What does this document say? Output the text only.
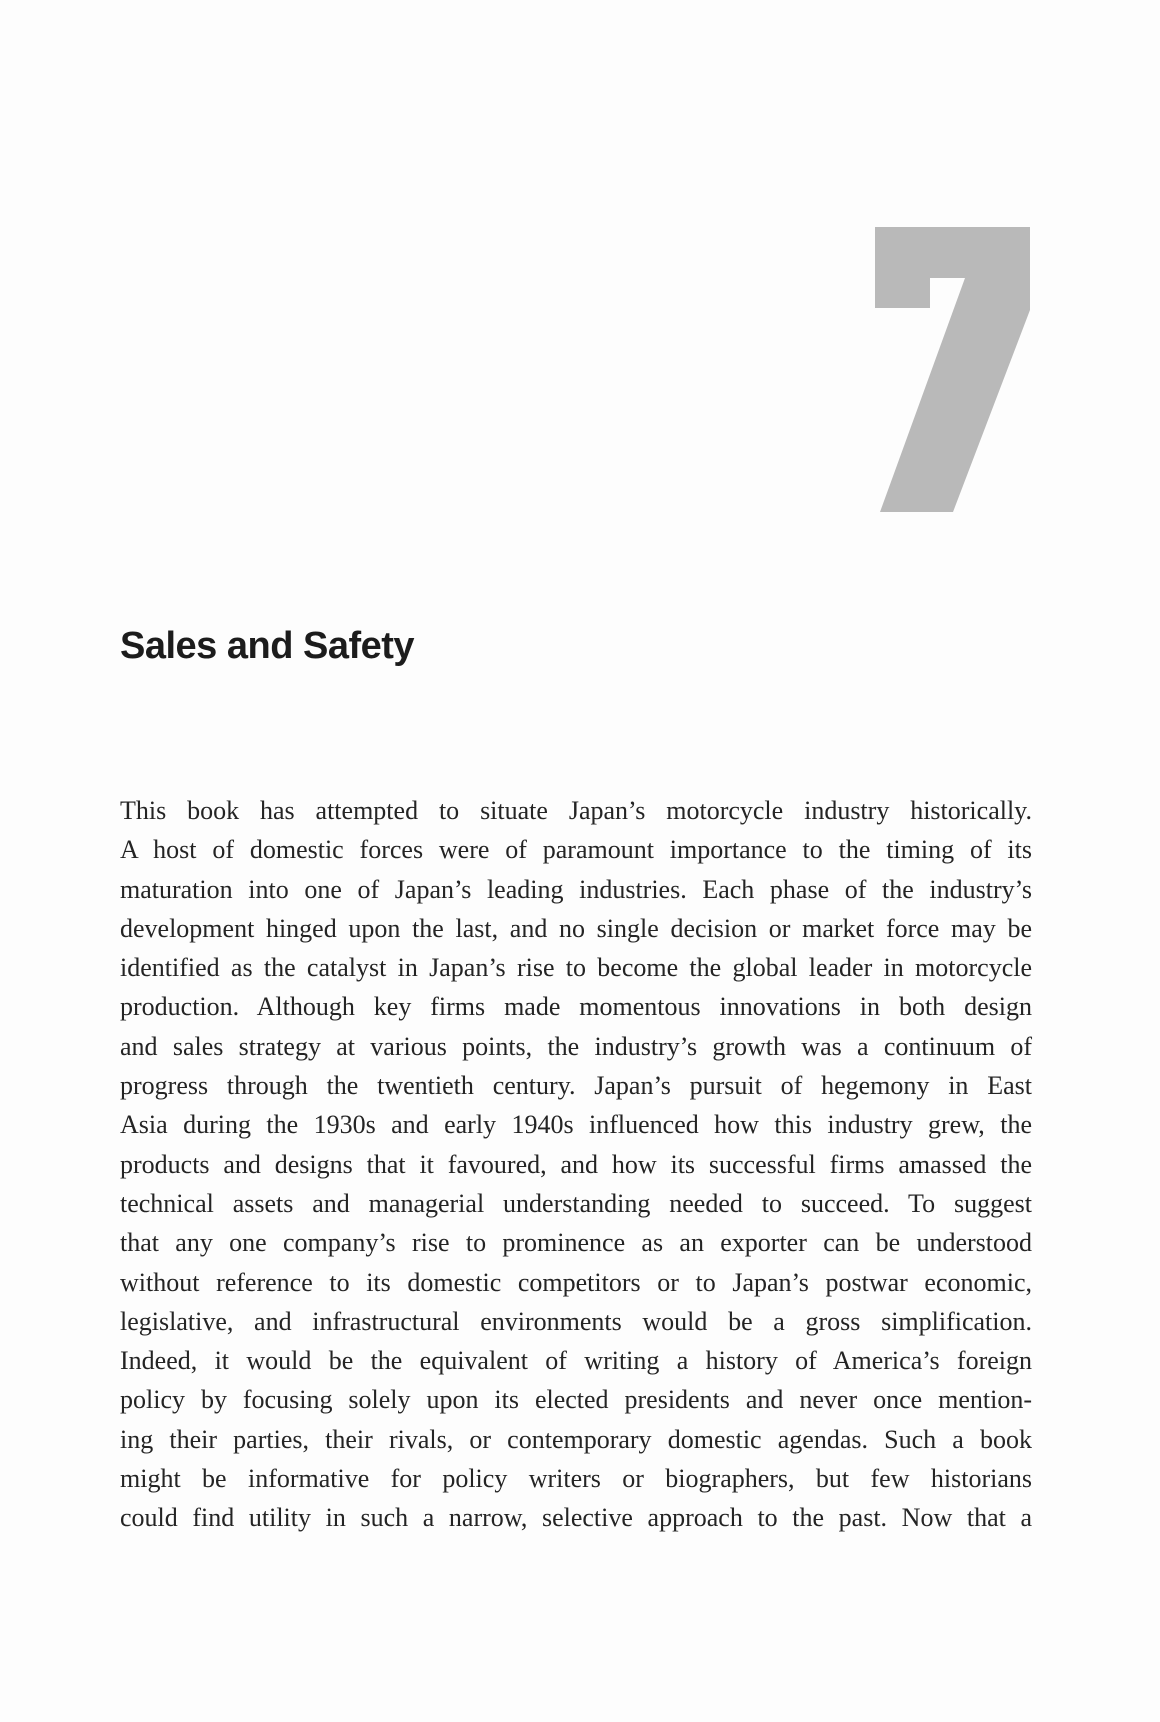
Sales and Safety
This book has attempted to situate Japan’s motorcycle industry historically.
A host of domestic forces were of paramount importance to the timing of its
maturation into one of Japan’s leading industries. Each phase of the industry’s
development hinged upon the last, and no single decision or market force may be
identified as the catalyst in Japan’s rise to become the global leader in motorcycle
production. Although key firms made momentous innovations in both design
and sales strategy at various points, the industry’s growth was a continuum of
progress through the twentieth century. Japan’s pursuit of hegemony in East
Asia during the 1930s and early 1940s influenced how this industry grew, the
products and designs that it favoured, and how its successful firms amassed the
technical assets and managerial understanding needed to succeed. To suggest
that any one company’s rise to prominence as an exporter can be understood
without reference to its domestic competitors or to Japan’s postwar economic,
legislative, and infrastructural environments would be a gross simplification.
Indeed, it would be the equivalent of writing a history of America’s foreign
policy by focusing solely upon its elected presidents and never once mention-
ing their parties, their rivals, or contemporary domestic agendas. Such a book
might be informative for policy writers or biographers, but few historians
could find utility in such a narrow, selective approach to the past. Now that a
